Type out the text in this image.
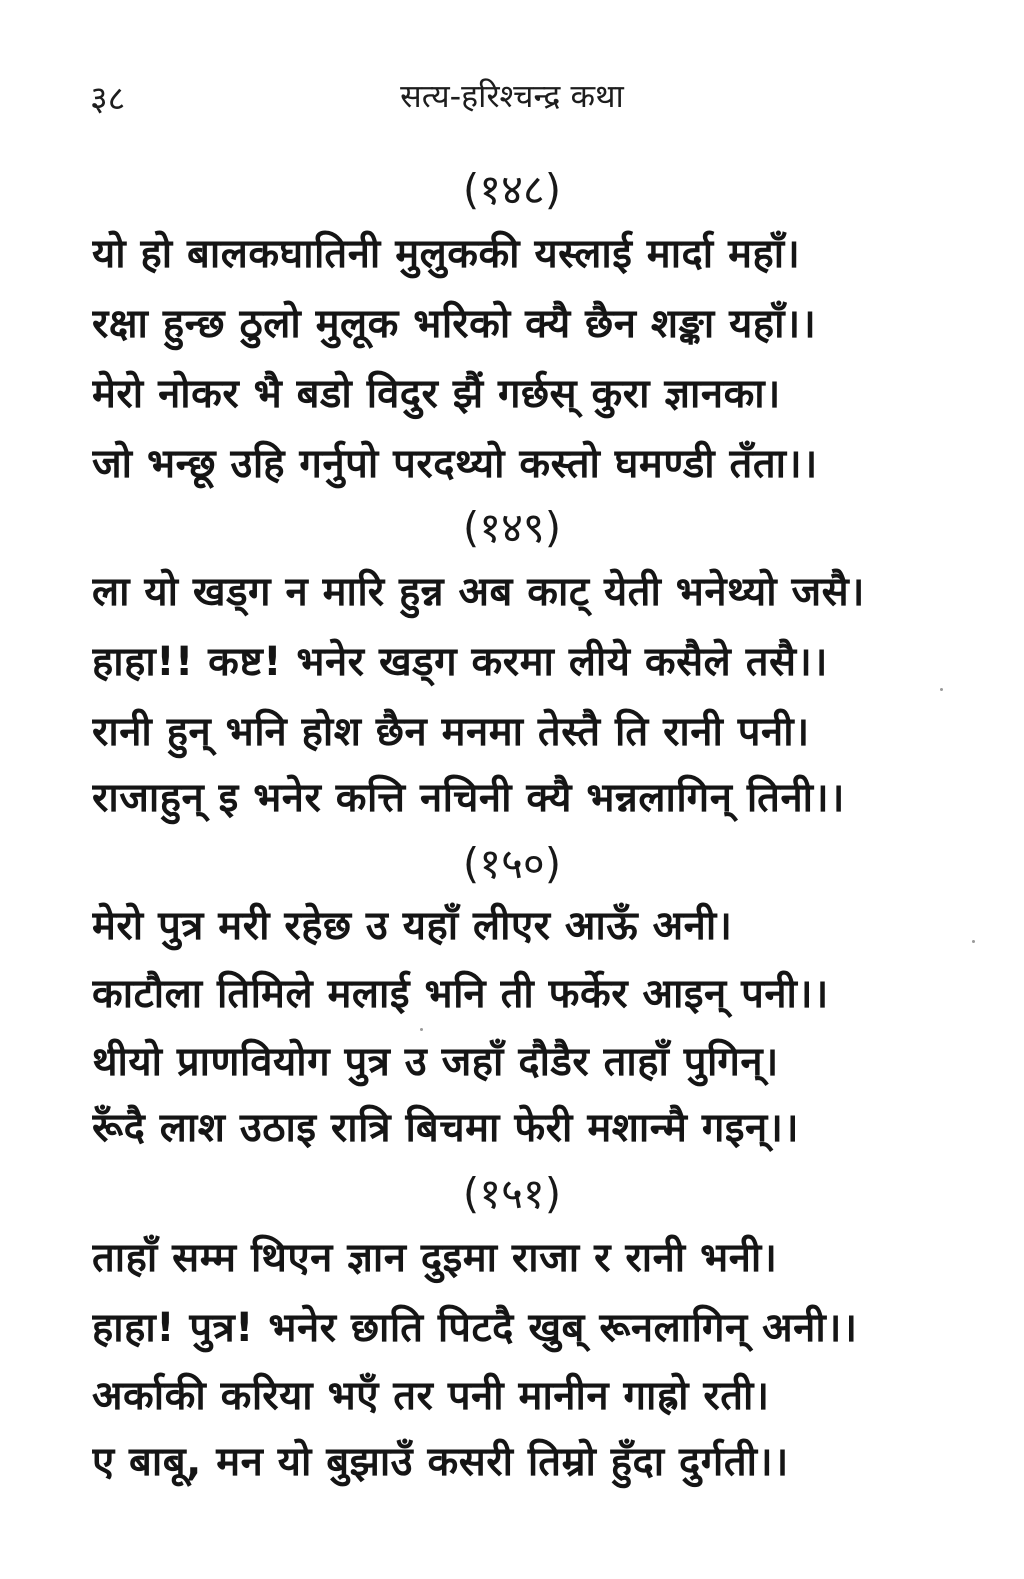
३८	सत्य-हरिश्चन्द्र कथा
(१४८)
यो हो बालकघातिनी मुलुककी यस्लाई मार्दा महाँ।
रक्षा हुन्छ ठुलो मुलूक भरिको क्यै छैन शङ्का यहाँ।।
मेरो नोकर भै बडो विदुर झैं गर्छस् कुरा ज्ञानका।
जो भन्छू उहि गर्नुपो परदथ्यो कस्तो घमण्डी तँता।।
(१४९)
ला यो खड्ग न मारि हुन्न अब काट् येती भनेथ्यो जसै।
हाहा!! कष्ट! भनेर खड्ग करमा लीये कसैले तसै।।
रानी हुन् भनि होश छैन मनमा तेस्तै ति रानी पनी।
राजाहुन् इ भनेर कत्ति नचिनी क्यै भन्नलागिन् तिनी।।
(१५०)
मेरो पुत्र मरी रहेछ उ यहाँ लीएर आऊँ अनी।
काटौला तिमिले मलाई भनि ती फर्केर आइन् पनी।।
थीयो प्राणवियोग पुत्र उ जहाँ दौडैर ताहाँ पुगिन्।
रूँदै लाश उठाइ रात्रि बिचमा फेरी मशान्मै गइन्।।
(१५१)
ताहाँ सम्म थिएन ज्ञान दुइमा राजा र रानी भनी।
हाहा! पुत्र! भनेर छाति पिटदै खुब् रूनलागिन् अनी।।
अर्काकी करिया भएँ तर पनी मानीन गाह्रो रती।
ए बाबू, मन यो बुझाउँ कसरी तिम्रो हुँदा दुर्गती।।
